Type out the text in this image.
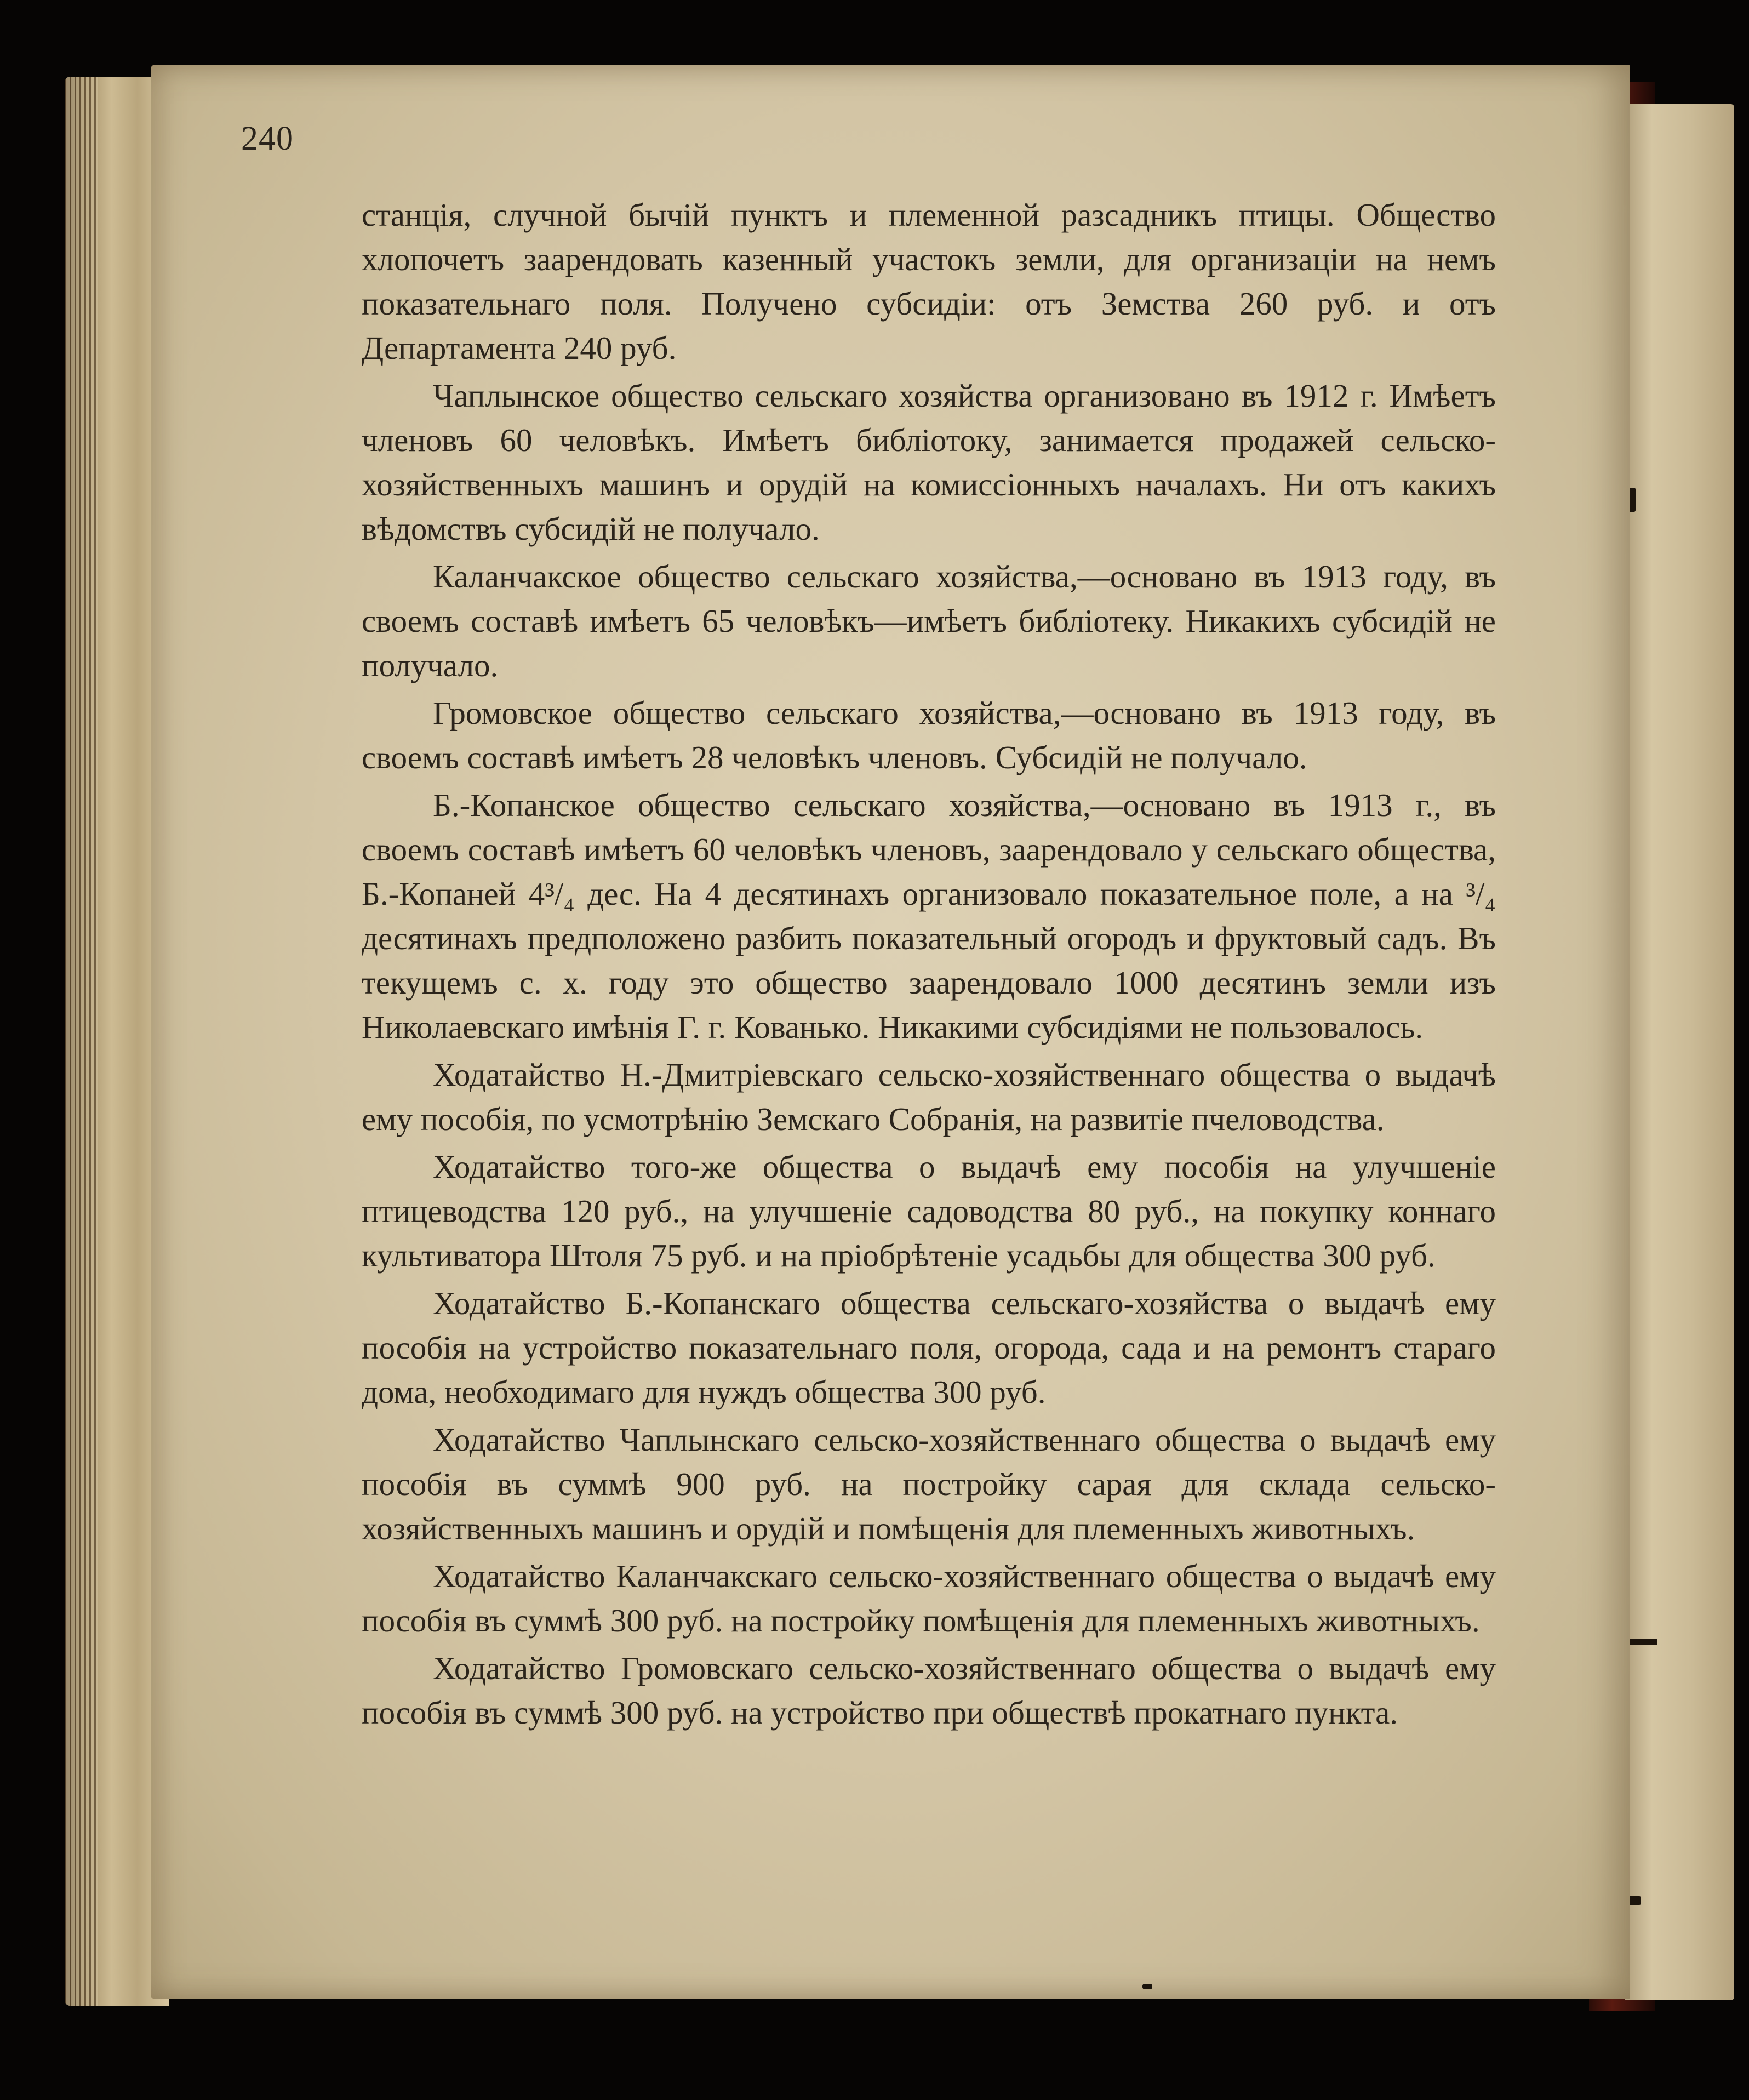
240

станція, случной бычій пунктъ и племенной разсадникъ птицы. Общество хлопочетъ заарендовать казенный участокъ земли, для организаціи на немъ показательнаго поля. Получено субсидіи: отъ Земства 260 руб. и отъ Департамента 240 руб.

Чаплынское общество сельскаго хозяйства организовано въ 1912 г. Имѣетъ членовъ 60 человѣкъ. Имѣетъ библіотоку, занимается продажей сельско-хозяйственныхъ машинъ и орудій на комиссіонныхъ началахъ. Ни отъ какихъ вѣдомствъ субсидій не получало.

Каланчакское общество сельскаго хозяйства,—основано въ 1913 году, въ своемъ составѣ имѣетъ 65 человѣкъ—имѣетъ библіотеку. Никакихъ субсидій не получало.

Громовское общество сельскаго хозяйства,—основано въ 1913 году, въ своемъ составѣ имѣетъ 28 человѣкъ членовъ. Субсидій не получало.

Б.-Копанское общество сельскаго хозяйства,—основано въ 1913 г., въ своемъ составѣ имѣетъ 60 человѣкъ членовъ, заарендовало у сельскаго общества, Б.-Копаней 4³/₄ дес. На 4 десятинахъ организовало показательное поле, а на ³/₄ десятинахъ предположено разбить показательный огородъ и фруктовый садъ. Въ текущемъ с. х. году это общество заарендовало 1000 десятинъ земли изъ Николаевскаго имѣнія Г. г. Кованько. Никакими субсидіями не пользовалось.

Ходатайство Н.-Дмитріевскаго сельско-хозяйственнаго общества о выдачѣ ему пособія, по усмотрѣнію Земскаго Собранія, на развитіе пчеловодства.

Ходатайство того-же общества о выдачѣ ему пособія на улучшеніе птицеводства 120 руб., на улучшеніе садоводства 80 руб., на покупку коннаго культиватора Штоля 75 руб. и на пріобрѣтеніе усадьбы для общества 300 руб.

Ходатайство Б.-Копанскаго общества сельскаго-хозяйства о выдачѣ ему пособія на устройство показательнаго поля, огорода, сада и на ремонтъ стараго дома, необходимаго для нуждъ общества 300 руб.

Ходатайство Чаплынскаго сельско-хозяйственнаго общества о выдачѣ ему пособія въ суммѣ 900 руб. на постройку сарая для склада сельско-хозяйственныхъ машинъ и орудій и помѣщенія для племенныхъ животныхъ.

Ходатайство Каланчакскаго сельско-хозяйственнаго общества о выдачѣ ему пособія въ суммѣ 300 руб. на постройку помѣщенія для племенныхъ животныхъ.

Ходатайство Громовскаго сельско-хозяйственнаго общества о выдачѣ ему пособія въ суммѣ 300 руб. на устройство при обществѣ прокатнаго пункта.
